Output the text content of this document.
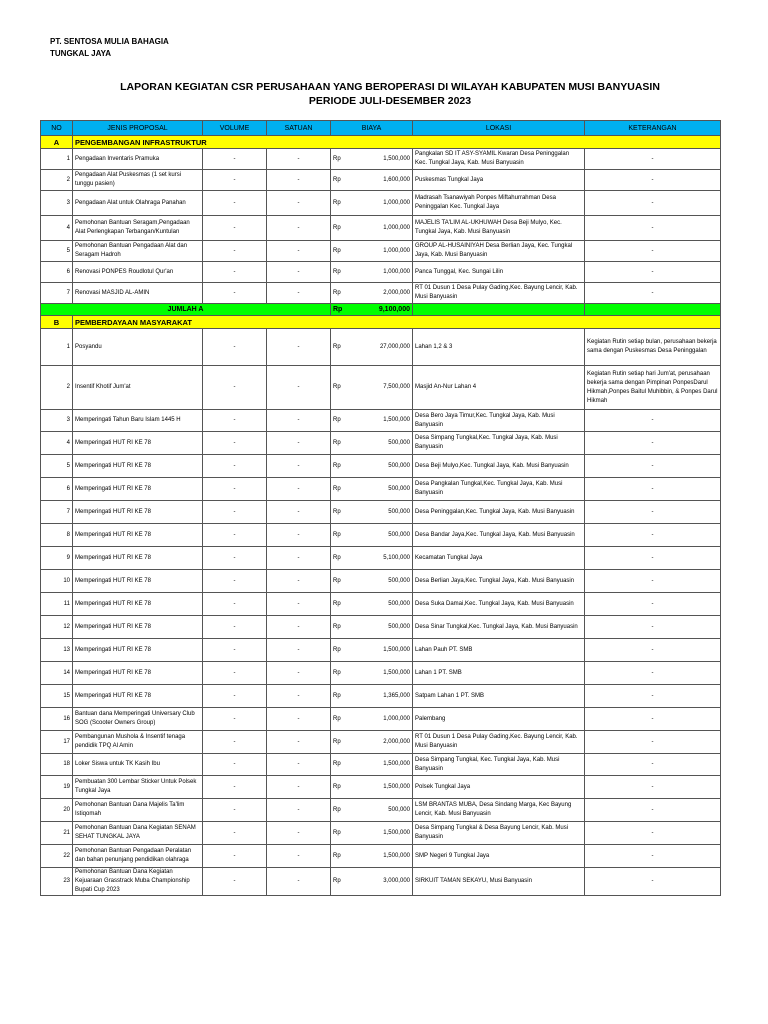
PT. SENTOSA MULIA BAHAGIA
TUNGKAL JAYA
LAPORAN KEGIATAN CSR PERUSAHAAN YANG BEROPERASI DI WILAYAH KABUPATEN MUSI BANYUASIN
PERIODE JULI-DESEMBER 2023
NO	JENIS PROPOSAL	VOLUME	SATUAN	BIAYA		LOKASI	KETERANGAN
A	PENGEMBANGAN INFRASTRUKTUR						
1	Pengadaan Inventaris Pramuka	-	-	Rp	1,500,000	Pangkalan SD IT ASY-SYAMIL Kwaran Desa Peninggalan Kec. Tungkal Jaya, Kab. Musi Banyuasin	-
2	Pengadaan Alat Puskesmas (1 set kursi tunggu pasien)	-	-	Rp	1,600,000	Puskesmas Tungkal Jaya	-
3	Pengadaan Alat untuk Olahraga Panahan	-	-	Rp	1,000,000	Madrasah Tsanawiyah Ponpes Miftahurrahman Desa Peninggalan Kec. Tungkal Jaya	-
4	Pemohonan Bantuan Seragam,Pengadaan Alat Perlengkapan Terbangan/Kuntulan	-	-	Rp	1,000,000	MAJELIS TA'LIM AL-UKHUWAH Desa Beji Mulyo, Kec. Tungkal Jaya, Kab. Musi Banyuasin	-
5	Pemohonan Bantuan Pengadaan Alat dan Seragam Hadroh	-	-	Rp	1,000,000	GROUP AL-HUSAINIYAH Desa Berlian Jaya, Kec. Tungkal Jaya, Kab. Musi Banyuasin	-
6	Renovasi PONPES Roudlotul Qur'an	-	-	Rp	1,000,000	Panca Tunggal, Kec. Sungai Lilin	-
7	Renovasi MASJID AL-AMIN	-	-	Rp	2,000,000	RT 01 Dusun 1 Desa Pulay Gading,Kec. Bayung Lencir, Kab. Musi Banyuasin	-
JUMLAH A				Rp	9,100,000		
B	PEMBERDAYAAN MASYARAKAT						
1	Posyandu	-	-	Rp	27,000,000	Lahan 1,2 & 3	Kegiatan Rutin setiap bulan, perusahaan bekerja sama dengan Puskesmas Desa Peninggalan
2	Insentif Khotif Jum'at	-	-	Rp	7,500,000	Masjid An-Nur Lahan 4	Kegiatan Rutin setiap hari Jum'at, perusahaan bekerja sama dengan Pimpinan PonpesDarul Hikmah,Ponpes Baitul Muhibbin, & Ponpes Darul Hikmah
3	Memperingati Tahun Baru Islam 1445 H	-	-	Rp	1,500,000	Desa Bero Jaya Timur,Kec. Tungkal Jaya, Kab. Musi Banyuasin	-
4	Memperingati HUT RI KE 78	-	-	Rp	500,000	Desa Simpang Tungkal,Kec. Tungkal Jaya, Kab. Musi Banyuasin	-
5	Memperingati HUT RI KE 78	-	-	Rp	500,000	Desa Beji Mulyo,Kec. Tungkal Jaya, Kab. Musi Banyuasin	-
6	Memperingati HUT RI KE 78	-	-	Rp	500,000	Desa Pangkalan Tungkal,Kec. Tungkal Jaya, Kab. Musi Banyuasin	-
7	Memperingati HUT RI KE 78	-	-	Rp	500,000	Desa Peninggalan,Kec. Tungkal Jaya, Kab. Musi Banyuasin	-
8	Memperingati HUT RI KE 78	-	-	Rp	500,000	Desa Bandar Jaya,Kec. Tungkal Jaya, Kab. Musi Banyuasin	-
9	Memperingati HUT RI KE 78	-	-	Rp	5,100,000	Kecamatan Tungkal Jaya	-
10	Memperingati HUT RI KE 78	-	-	Rp	500,000	Desa Berlian Jaya,Kec. Tungkal Jaya, Kab. Musi Banyuasin	-
11	Memperingati HUT RI KE 78	-	-	Rp	500,000	Desa Suka Damai,Kec. Tungkal Jaya, Kab. Musi Banyuasin	-
12	Memperingati HUT RI KE 78	-	-	Rp	500,000	Desa Sinar Tungkal,Kec. Tungkal Jaya, Kab. Musi Banyuasin	-
13	Memperingati HUT RI KE 78	-	-	Rp	1,500,000	Lahan Pauh PT. SMB	-
14	Memperingati HUT RI KE 78	-	-	Rp	1,500,000	Lahan 1 PT. SMB	-
15	Memperingati HUT RI KE 78	-	-	Rp	1,365,000	Satpam Lahan 1 PT. SMB	-
16	Bantuan dana Memperingati Universary Club SOG (Scooter Owners Group)	-	-	Rp	1,000,000	Palembang	-
17	Pembangunan Mushola & Insentif tenaga pendidik TPQ Al Amin	-	-	Rp	2,000,000	RT 01 Dusun 1 Desa Pulay Gading,Kec. Bayung Lencir, Kab. Musi Banyuasin	-
18	Loker Siswa untuk TK Kasih Ibu	-	-	Rp	1,500,000	Desa Simpang Tungkal, Kec. Tungkal Jaya, Kab. Musi Banyuasin	-
19	Pembuatan 300 Lembar Sticker Untuk Polsek Tungkal Jaya	-	-	Rp	1,500,000	Polsek Tungkal Jaya	-
20	Pemohonan Bantuan Dana Majelis Ta'lim Istiqomah	-	-	Rp	500,000	LSM BRANTAS MUBA, Desa Sindang Marga, Kec Bayung Lencir, Kab. Musi Banyuasin	-
21	Pemohonan Bantuan Dana Kegiatan SENAM SEHAT TUNGKAL JAYA	-	-	Rp	1,500,000	Desa Simpang Tungkal & Desa Bayung Lencir, Kab. Musi Banyuasin	-
22	Pemohonan Bantuan Pengadaan Peralatan dan bahan penunjang pendidikan olahraga	-	-	Rp	1,500,000	SMP Negeri 9 Tungkal Jaya	-
23	Pemohonan Bantuan Dana Kegiatan Kejuaraan Grasstrack Muba Championship Bupati Cup 2023	-	-	Rp	3,000,000	SIRKUIT TAMAN SEKAYU, Musi Banyuasin	-
